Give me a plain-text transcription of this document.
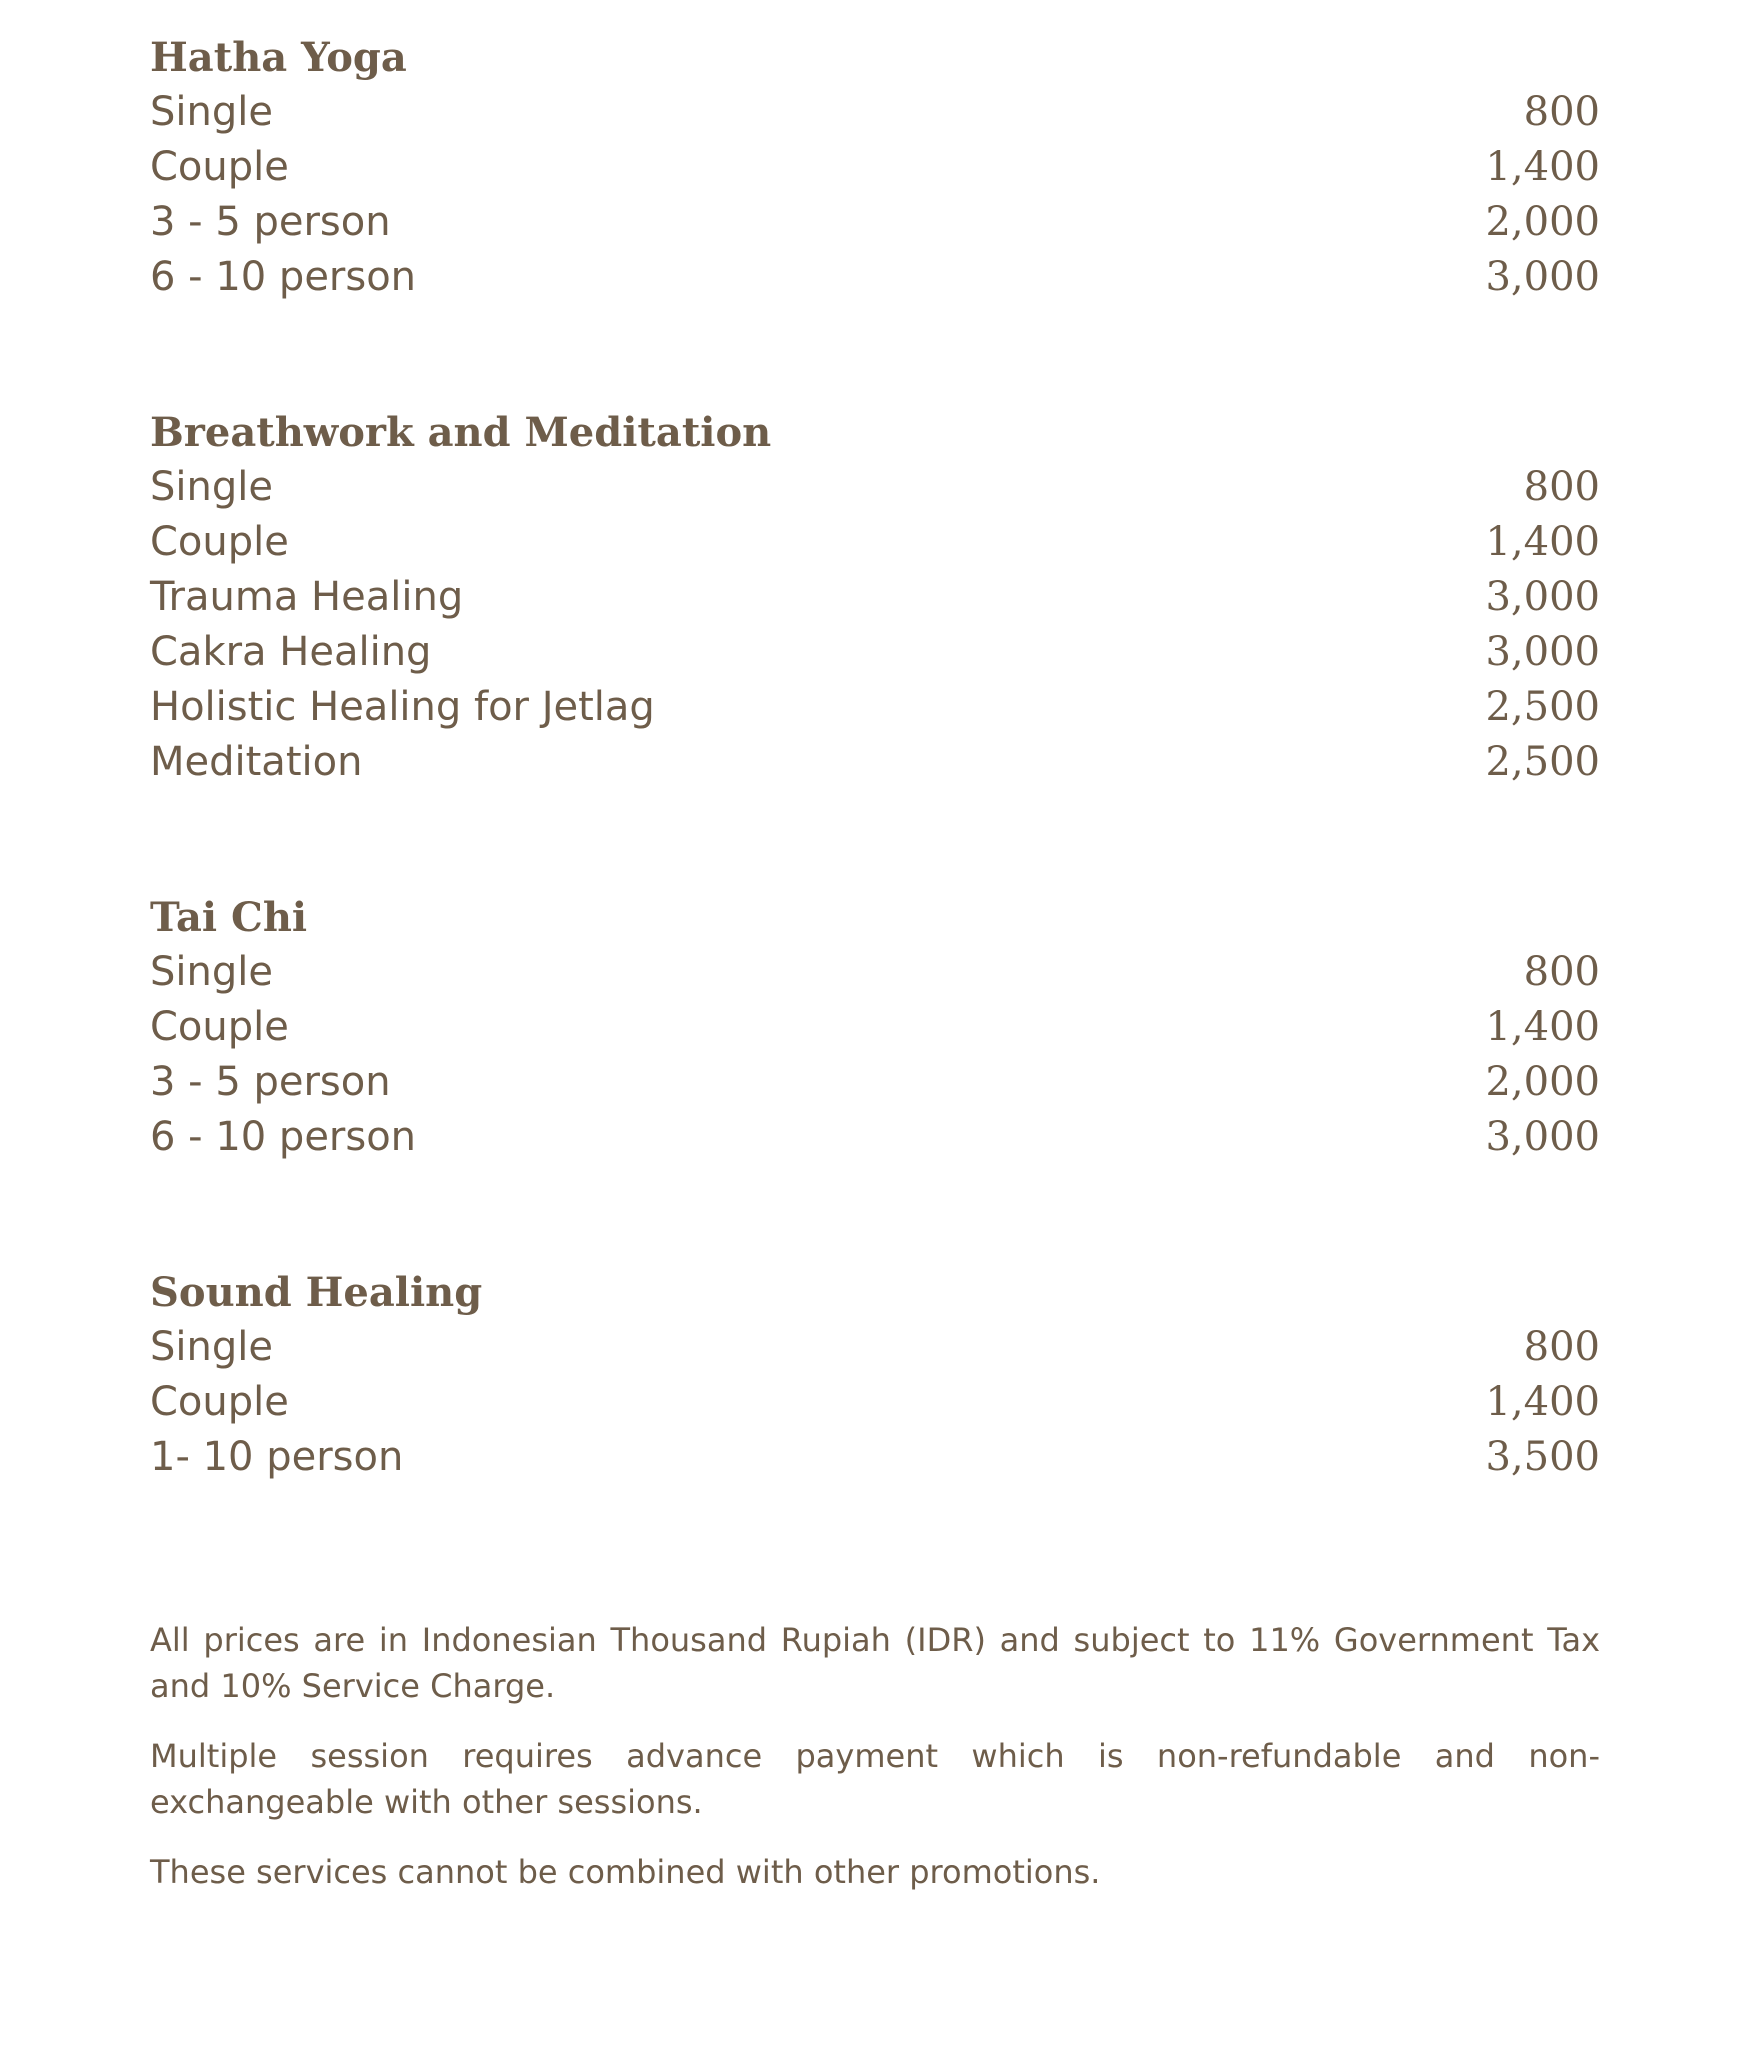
Hatha Yoga
Single	800
Couple	1,400
3 - 5 person	2,000
6 - 10 person	3,000
Breathwork and Meditation
Single	800
Couple	1,400
Trauma Healing	3,000
Cakra Healing	3,000
Holistic Healing for Jetlag	2,500
Meditation	2,500
Tai Chi
Single	800
Couple	1,400
3 - 5 person	2,000
6 - 10 person	3,000
Sound Healing
Single	800
Couple	1,400
1- 10 person	3,500

All prices are in Indonesian Thousand Rupiah (IDR) and subject to 11% Government Tax and 10% Service Charge.

Multiple session requires advance payment which is non-refundable and non-exchangeable with other sessions.

These services cannot be combined with other promotions.
